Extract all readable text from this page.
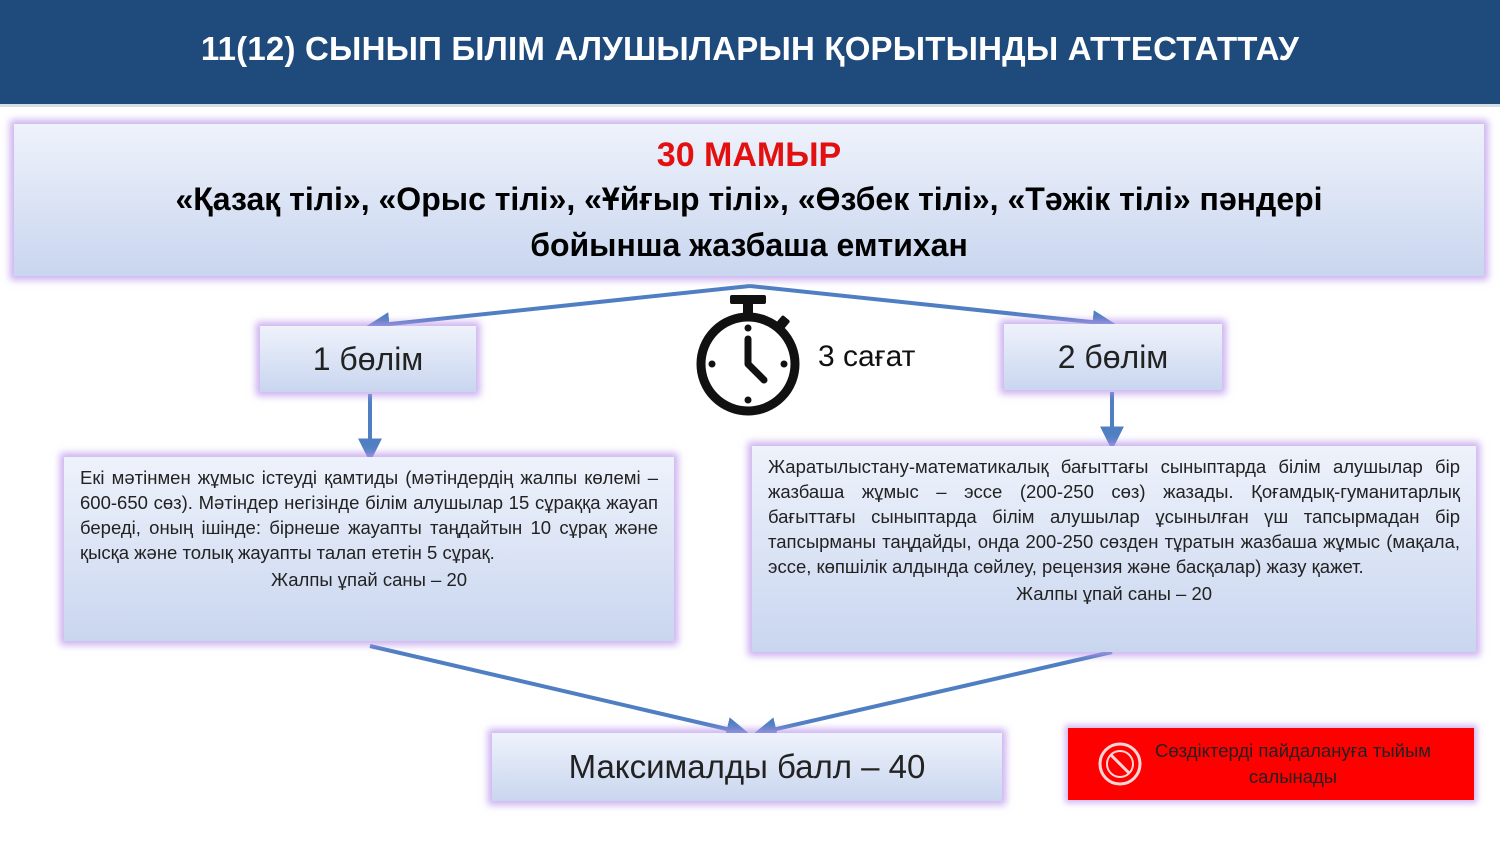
11(12) СЫНЫП БІЛІМ АЛУШЫЛАРЫН ҚОРЫТЫНДЫ АТТЕСТАТТАУ
30 МАМЫР
«Қазақ тілі», «Орыс тілі», «Ұйғыр тілі», «Өзбек тілі», «Тәжік тілі» пәндері
бойынша жазбаша емтихан
1 бөлім	2 бөлім
3 сағат
Екі мәтінмен жұмыс істеуді қамтиды (мәтіндердің жалпы көлемі – 600-650 сөз). Мәтіндер негізінде білім алушылар 15 сұраққа жауап береді, оның ішінде: бірнеше жауапты таңдайтын 10 сұрақ және қысқа және толық жауапты талап ететін 5 сұрақ.
Жалпы ұпай саны – 20
Жаратылыстану-математикалық бағыттағы сыныптарда білім алушылар бір жазбаша жұмыс – эссе (200-250 сөз) жазады. Қоғамдық-гуманитарлық бағыттағы сыныптарда білім алушылар ұсынылған үш тапсырмадан бір тапсырманы таңдайды, онда 200-250 сөзден тұратын жазбаша жұмыс (мақала, эссе, көпшілік алдында сөйлеу, рецензия және басқалар) жазу қажет.
Жалпы ұпай саны – 20
Максималды балл – 40	Сөздіктерді пайдалануға тыйым салынады
